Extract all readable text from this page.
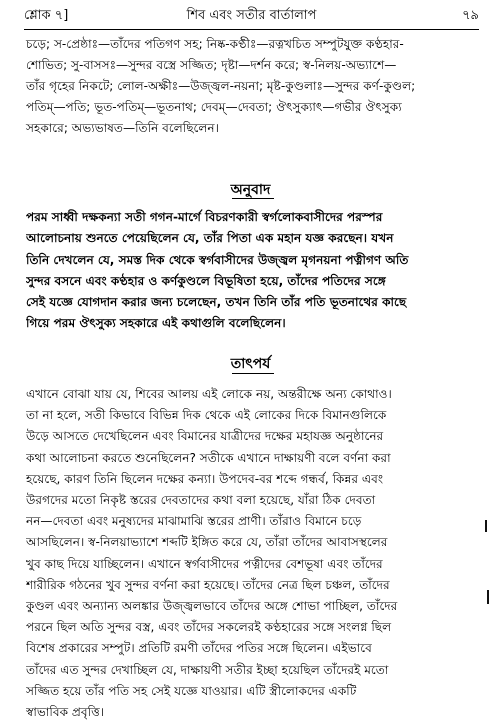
শ্লোক ৭]	শিব এবং সতীর বার্তালাপ	৭৯
চড়ে; স-প্রেষ্ঠাঃ—তাঁদের পতিগণ সহ; নিষ্ক-কণ্ঠীঃ—রত্নখচিত সম্পুটযুক্ত কণ্ঠহার-
শোভিত; সু-বাসসঃ—সুন্দর বস্ত্রে সজ্জিত; দৃষ্টা—দর্শন করে; স্ব-নিলয়-অভ্যাশে—
তাঁর গৃহের নিকটে; লোল-অক্ষীঃ—উজ্জ্বল-নয়না; মৃষ্ট-কুণ্ডলাঃ—সুন্দর কর্ণ-কুণ্ডল;
পতিম্—পতি; ভূত-পতিম্—ভূতনাথ; দেবম্—দেবতা; ঔৎসুক্যাৎ—গভীর ঔৎসুক্য
সহকারে; অভ্যভাষত—তিনি বলেছিলেন।
অনুবাদ
পরম সাধ্বী দক্ষকন্যা সতী গগন-মার্গে বিচরণকারী স্বর্গলোকবাসীদের পরস্পর
আলোচনায় শুনতে পেয়েছিলেন যে, তাঁর পিতা এক মহান যজ্ঞ করছেন। যখন
তিনি দেখলেন যে, সমস্ত দিক থেকে স্বর্গবাসীদের উজ্জ্বল মৃগনয়না পত্নীগণ অতি
সুন্দর বসনে এবং কণ্ঠহার ও কর্ণকুণ্ডলে বিভূষিতা হয়ে, তাঁদের পতিদের সঙ্গে
সেই যজ্ঞে যোগদান করার জন্য চলেছেন, তখন তিনি তাঁর পতি ভূতনাথের কাছে
গিয়ে পরম ঔৎসুক্য সহকারে এই কথাগুলি বলেছিলেন।
তাৎপর্য
এখানে বোঝা যায় যে, শিবের আলয় এই লোকে নয়, অন্তরীক্ষে অন্য কোথাও।
তা না হলে, সতী কিভাবে বিভিন্ন দিক থেকে এই লোকের দিকে বিমানগুলিকে
উড়ে আসতে দেখেছিলেন এবং বিমানের যাত্রীদের দক্ষের মহাযজ্ঞ অনুষ্ঠানের
কথা আলোচনা করতে শুনেছিলেন? সতীকে এখানে দাক্ষায়ণী বলে বর্ণনা করা
হয়েছে, কারণ তিনি ছিলেন দক্ষের কন্যা। উপদেব-বর শব্দে গন্ধর্ব, কিন্নর এবং
উরগদের মতো নিকৃষ্ট স্তরের দেবতাদের কথা বলা হয়েছে, যাঁরা ঠিক দেবতা
নন—দেবতা এবং মনুষ্যদের মাঝামাঝি স্তরের প্রাণী। তাঁরাও বিমানে চড়ে
আসছিলেন। স্ব-নিলয়াভ্যাশে শব্দটি ইঙ্গিত করে যে, তাঁরা তাঁদের আবাসস্থলের
খুব কাছ দিয়ে যাচ্ছিলেন। এখানে স্বর্গবাসীদের পত্নীদের বেশভূষা এবং তাঁদের
শারীরিক গঠনের খুব সুন্দর বর্ণনা করা হয়েছে। তাঁদের নেত্র ছিল চঞ্চল, তাঁদের
কুণ্ডল এবং অন্যান্য অলঙ্কার উজ্জ্বলভাবে তাঁদের অঙ্গে শোভা পাচ্ছিল, তাঁদের
পরনে ছিল অতি সুন্দর বস্ত্র, এবং তাঁদের সকলেরই কণ্ঠহারের সঙ্গে সংলগ্ন ছিল
বিশেষ প্রকারের সম্পুট। প্রতিটি রমণী তাঁদের পতির সঙ্গে ছিলেন। এইভাবে
তাঁদের এত সুন্দর দেখাচ্ছিল যে, দাক্ষায়ণী সতীর ইচ্ছা হয়েছিল তাঁদেরই মতো
সজ্জিত হয়ে তাঁর পতি সহ সেই যজ্ঞে যাওয়ার। এটি স্ত্রীলোকদের একটি
স্বাভাবিক প্রবৃত্তি।
